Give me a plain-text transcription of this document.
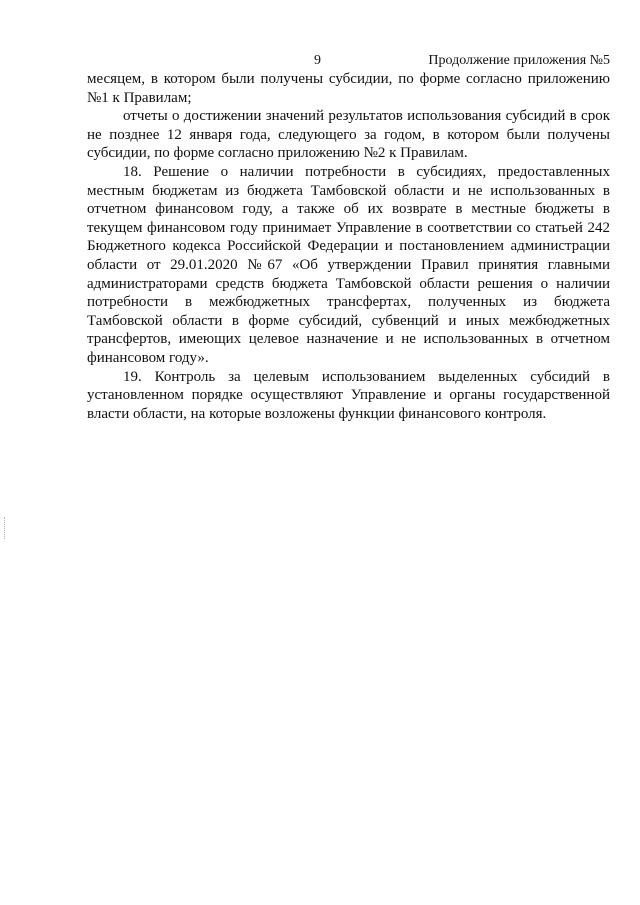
9	Продолжение приложения №5

месяцем, в котором были получены субсидии, по форме согласно приложению №1 к Правилам;

отчеты о достижении значений результатов использования субсидий в срок не позднее 12 января года, следующего за годом, в котором были получены субсидии, по форме согласно приложению №2 к Правилам.

18. Решение о наличии потребности в субсидиях, предоставленных местным бюджетам из бюджета Тамбовской области и не использованных в отчетном финансовом году, а также об их возврате в местные бюджеты в текущем финансовом году принимает Управление в соответствии со статьей 242 Бюджетного кодекса Российской Федерации и постановлением администрации области от 29.01.2020 №67 «Об утверждении Правил принятия главными администраторами средств бюджета Тамбовской области решения о наличии потребности в межбюджетных трансфертах, полученных из бюджета Тамбовской области в форме субсидий, субвенций и иных межбюджетных трансфертов, имеющих целевое назначение и не использованных в отчетном финансовом году».

19. Контроль за целевым использованием выделенных субсидий в установленном порядке осуществляют Управление и органы государственной власти области, на которые возложены функции финансового контроля.
